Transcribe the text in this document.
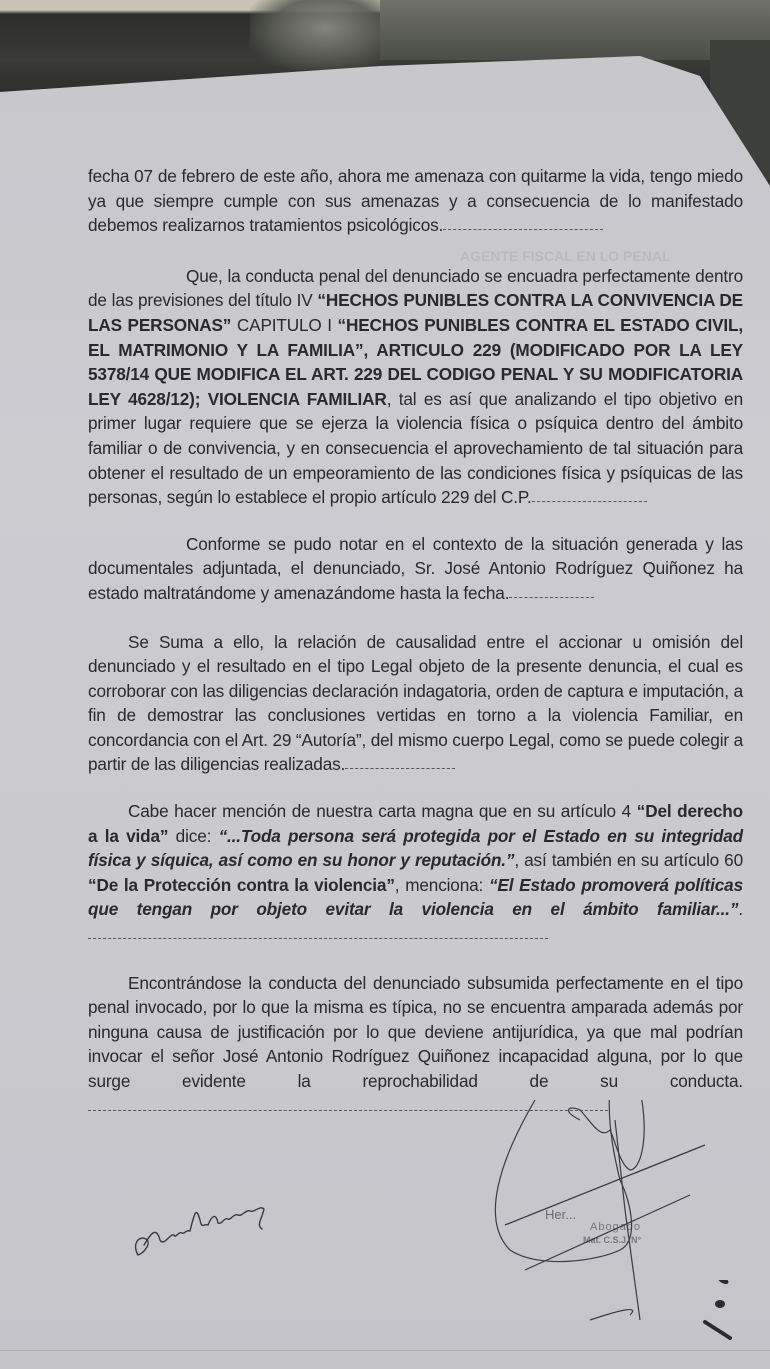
AGENTE FISCAL EN LO PENAL

fecha 07 de febrero de este año, ahora me amenaza con quitarme la vida, tengo miedo ya que siempre cumple con sus amenazas y a consecuencia de lo manifestado debemos realizarnos tratamientos psicológicos.

Que, la conducta penal del denunciado se encuadra perfectamente dentro de las previsiones del título IV “HECHOS PUNIBLES CONTRA LA CONVIVENCIA DE LAS PERSONAS” CAPITULO I “HECHOS PUNIBLES CONTRA EL ESTADO CIVIL, EL MATRIMONIO Y LA FAMILIA”, ARTICULO 229 (MODIFICADO POR LA LEY 5378/14 QUE MODIFICA EL ART. 229 DEL CODIGO PENAL Y SU MODIFICATORIA LEY 4628/12); VIOLENCIA FAMILIAR, tal es así que analizando el tipo objetivo en primer lugar requiere que se ejerza la violencia física o psíquica dentro del ámbito familiar o de convivencia, y en consecuencia el aprovechamiento de tal situación para obtener el resultado de un empeoramiento de las condiciones física y psíquicas de las personas, según lo establece el propio artículo 229 del C.P.

Conforme se pudo notar en el contexto de la situación generada y las documentales adjuntada, el denunciado, Sr. José Antonio Rodríguez Quiñonez ha estado maltratándome y amenazándome hasta la fecha.

Se Suma a ello, la relación de causalidad entre el accionar u omisión del denunciado y el resultado en el tipo Legal objeto de la presente denuncia, el cual es corroborar con las diligencias declaración indagatoria, orden de captura e imputación, a fin de demostrar las conclusiones vertidas en torno a la violencia Familiar, en concordancia con el Art. 29 “Autoría”, del mismo cuerpo Legal, como se puede colegir a partir de las diligencias realizadas.

Cabe hacer mención de nuestra carta magna que en su artículo 4 “Del derecho a la vida” dice: “...Toda persona será protegida por el Estado en su integridad física y síquica, así como en su honor y reputación.”, así también en su artículo 60 “De la Protección contra la violencia”, menciona: “El Estado promoverá políticas que tengan por objeto evitar la violencia en el ámbito familiar...”.

Encontrándose la conducta del denunciado subsumida perfectamente en el tipo penal invocado, por lo que la misma es típica, no se encuentra amparada además por ninguna causa de justificación por lo que deviene antijurídica, ya que mal podrían invocar el señor José Antonio Rodríguez Quiñonez incapacidad alguna, por lo que surge evidente la reprochabilidad de su conducta.

Her...
Abogado
Mat. C.S.J. N°
